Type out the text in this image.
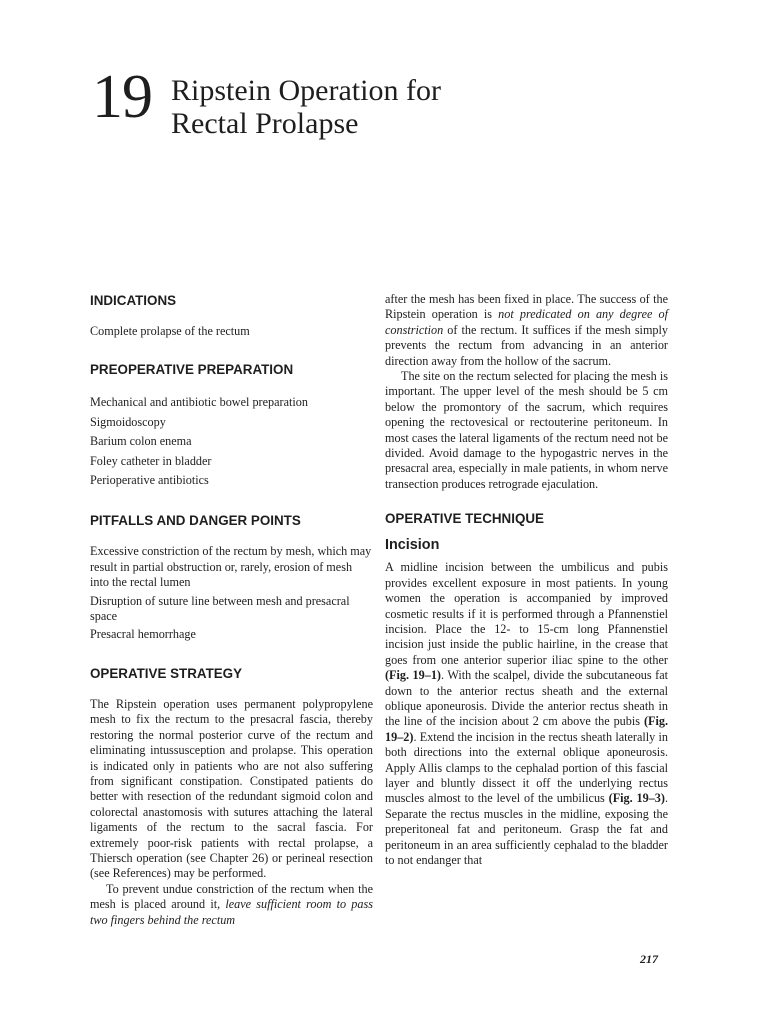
19 Ripstein Operation for
Rectal Prolapse
INDICATIONS
Complete prolapse of the rectum
PREOPERATIVE PREPARATION
Mechanical and antibiotic bowel preparation
Sigmoidoscopy
Barium colon enema
Foley catheter in bladder
Perioperative antibiotics
PITFALLS AND DANGER POINTS
Excessive constriction of the rectum by mesh, which may result in partial obstruction or, rarely, erosion of mesh into the rectal lumen
Disruption of suture line between mesh and presacral space
Presacral hemorrhage
OPERATIVE STRATEGY

The Ripstein operation uses permanent polypropylene mesh to fix the rectum to the presacral fascia, thereby restoring the normal posterior curve of the rectum and eliminating intussusception and prolapse. This operation is indicated only in patients who are not also suffering from significant constipation. Constipated patients do better with resection of the redundant sigmoid colon and colorectal anastomosis with sutures attaching the lateral ligaments of the rectum to the sacral fascia. For extremely poor-risk patients with rectal prolapse, a Thiersch operation (see Chapter 26) or perineal resection (see References) may be performed.

To prevent undue constriction of the rectum when the mesh is placed around it, leave sufficient room to pass two fingers behind the rectum

after the mesh has been fixed in place. The success of the Ripstein operation is not predicated on any degree of constriction of the rectum. It suffices if the mesh simply prevents the rectum from advancing in an anterior direction away from the hollow of the sacrum.

The site on the rectum selected for placing the mesh is important. The upper level of the mesh should be 5 cm below the promontory of the sacrum, which requires opening the rectovesical or rectouterine peritoneum. In most cases the lateral ligaments of the rectum need not be divided. Avoid damage to the hypogastric nerves in the presacral area, especially in male patients, in whom nerve transection produces retrograde ejaculation.

OPERATIVE TECHNIQUE
Incision

A midline incision between the umbilicus and pubis provides excellent exposure in most patients. In young women the operation is accompanied by improved cosmetic results if it is performed through a Pfannenstiel incision. Place the 12- to 15-cm long Pfannenstiel incision just inside the public hairline, in the crease that goes from one anterior superior iliac spine to the other (Fig. 19–1). With the scalpel, divide the subcutaneous fat down to the anterior rectus sheath and the external oblique aponeurosis. Divide the anterior rectus sheath in the line of the incision about 2 cm above the pubis (Fig. 19–2). Extend the incision in the rectus sheath laterally in both directions into the external oblique aponeurosis. Apply Allis clamps to the cephalad portion of this fascial layer and bluntly dissect it off the underlying rectus muscles almost to the level of the umbilicus (Fig. 19–3). Separate the rectus muscles in the midline, exposing the preperitoneal fat and peritoneum. Grasp the fat and peritoneum in an area sufficiently cephalad to the bladder to not endanger that

217
